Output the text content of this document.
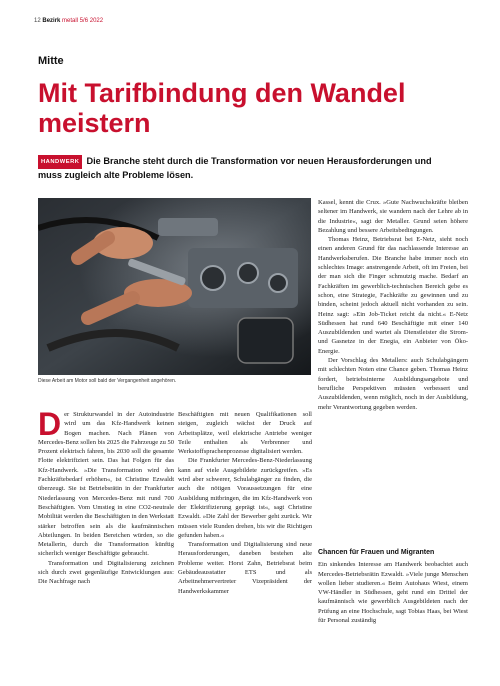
12 Bezirk metall 5/6 2022
Mitte
Mit Tarifbindung den Wandel meistern
HANDWERK Die Branche steht durch die Transformation vor neuen Herausforderungen und muss zugleich alte Probleme lösen.
Diese Arbeit am Motor soll bald der Vergangenheit angehören.

Der Strukturwandel in der Autoindustrie wird um das Kfz-Handwerk keinen Bogen machen. Nach Plänen von Mercedes-Benz sollen bis 2025 die Fahrzeuge zu 50 Prozent elektrisch fahren, bis 2030 soll die gesamte Flotte elektrifiziert sein. Das hat Folgen für das Kfz-Handwerk. »Die Transformation wird den Fachkräftebedarf erhöhen«, ist Christine Ezwaldt überzeugt. Sie ist Betriebsrätin in der Frankfurter Niederlassung von Mercedes-Benz mit rund 700 Beschäftigten. Vom Umstieg in eine CO2-neutrale Mobilität werden die Beschäftigten in den Werkstatt stärker betroffen sein als die kaufmännischen Abteilungen. In beiden Bereichen würden, so die Metallerin, durch die Transformation künftig sicherlich weniger Beschäftigte gebraucht.

Transformation und Digitalisierung zeichnen sich durch zwei gegenläufige Entwicklungen aus: Die Nachfrage nach

Beschäftigten mit neuen Qualifikationen soll steigen, zugleich wächst der Druck auf Arbeitsplätze, weil elektrische Antriebe weniger Teile enthalten als Verbrenner und Werkstoffsprachenprozesse digitalisiert werden.

Die Frankfurter Mercedes-Benz-Niederlassung kann auf viele Ausgebildete zurückgreifen. »Es wird aber schwerer, Schulabgänger zu finden, die auch die nötigen Voraussetzungen für eine Ausbildung mitbringen, die im Kfz-Handwerk von der Elektrifizierung geprägt ist«, sagt Christine Ezwaldt. »Die Zahl der Bewerber geht zurück. Wir müssen viele Runden drehen, bis wir die Richtigen gefunden haben.«

Transformation und Digitalisierung sind neue Herausforderungen, daneben bestehen alte Probleme weiter. Horst Zahn, Betriebsrat beim Gebäudeausstatter ETS und als Arbeitnehmervertreter Vizepräsident der Handwerkskammer

Kassel, kennt die Crux. »Gute Nachwuchskräfte bleiben seltener im Handwerk, sie wandern nach der Lehre ab in die Industrie«, sagt der Metaller. Grund seien höhere Bezahlung und bessere Arbeitsbedingungen.

Thomas Heinz, Betriebsrat bei E-Netz, sieht noch einen anderen Grund für das nachlassende Interesse an Handwerksberufen. Die Branche habe immer noch ein schlechtes Image: anstrengende Arbeit, oft im Freien, bei der man sich die Finger schmutzig mache. Bedarf an Fachkräften im gewerblich-technischen Bereich gebe es schon, eine Strategie, Fachkräfte zu gewinnen und zu binden, scheint jedoch aktuell nicht vorhanden zu sein. Heinz sagt: »Ein Job-Ticket reicht da nicht.« E-Netz Südhessen hat rund 640 Beschäftigte mit einer 140 Auszubildenden und wartet als Dienstleister die Strom- und Gasnetze in der Enegia, ein Anbieter von Öko-Energie.

Der Vorschlag des Metallers: auch Schulabgängern mit schlechten Noten eine Chance geben. Thomas Heinz fordert, betriebsinterne Ausbildungsangebote und berufliche Perspektiven müssten verbessert und Auszubildenden, wenn möglich, noch in der Ausbildung, mehr Verantwortung gegeben werden.

Chancen für Frauen und Migranten

Ein sinkendes Interesse am Handwerk beobachtet auch Mercedes-Betriebsrätin Ezwaldt. »Viele junge Menschen wollen lieber studieren.« Beim Autohaus Wiest, einem VW-Händler in Südhessen, geht rund ein Drittel der kaufmännisch wie gewerblich Ausgebildeten nach der Prüfung an eine Hochschule, sagt Tobias Haas, bei Wiest für Personal zuständig
